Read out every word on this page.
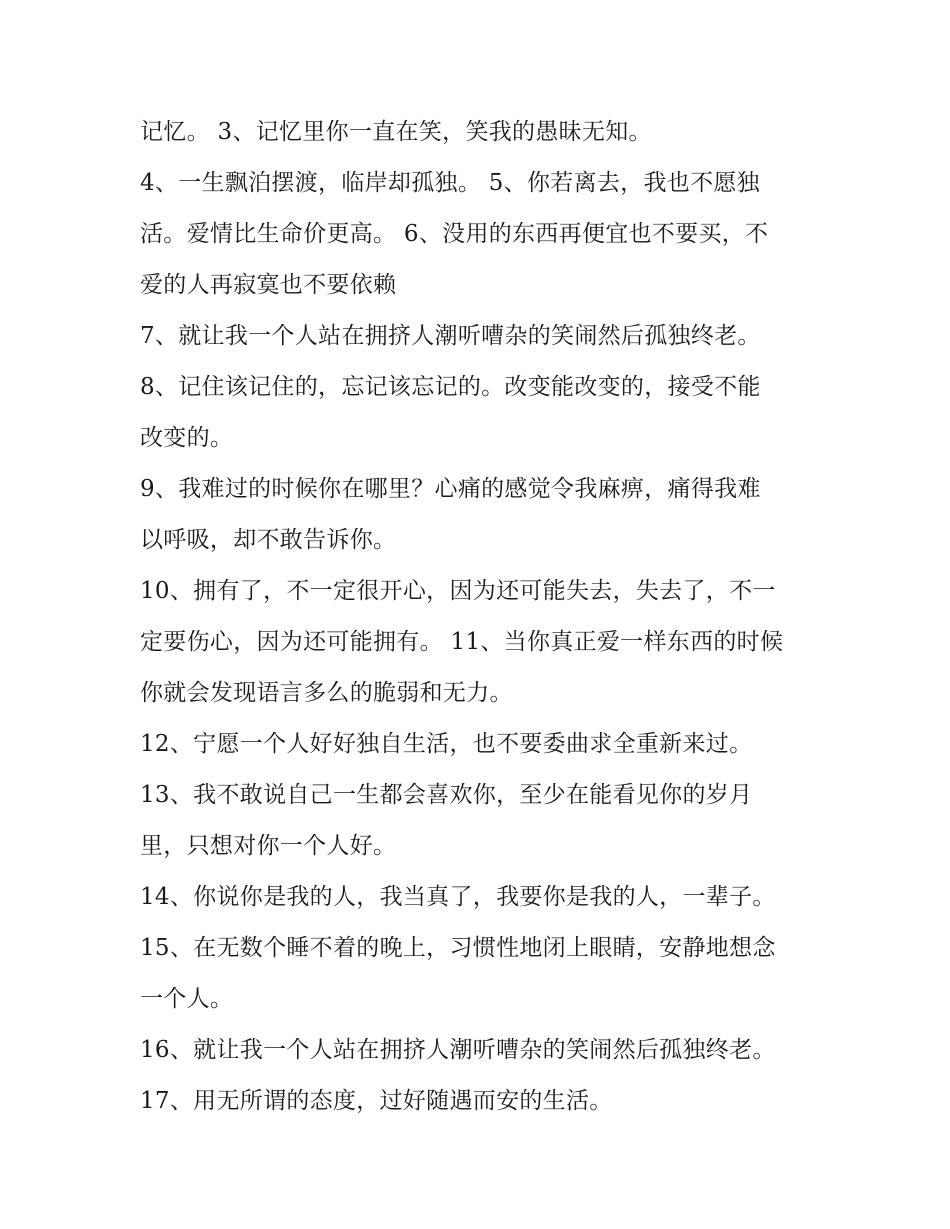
记忆。 3、记忆里你一直在笑，笑我的愚昧无知。
4、一生飘泊摆渡，临岸却孤独。 5、你若离去，我也不愿独
活。爱情比生命价更高。 6、没用的东西再便宜也不要买，不
爱的人再寂寞也不要依赖
7、就让我一个人站在拥挤人潮听嘈杂的笑闹然后孤独终老。
8、记住该记住的，忘记该忘记的。改变能改变的，接受不能
改变的。
9、我难过的时候你在哪里？心痛的感觉令我麻痹，痛得我难
以呼吸，却不敢告诉你。
10、拥有了，不一定很开心，因为还可能失去，失去了，不一
定要伤心，因为还可能拥有。 11、当你真正爱一样东西的时候
你就会发现语言多么的脆弱和无力。
12、宁愿一个人好好独自生活，也不要委曲求全重新来过。
13、我不敢说自己一生都会喜欢你，至少在能看见你的岁月
里，只想对你一个人好。
14、你说你是我的人，我当真了，我要你是我的人，一辈子。
15、在无数个睡不着的晚上，习惯性地闭上眼睛，安静地想念
一个人。
16、就让我一个人站在拥挤人潮听嘈杂的笑闹然后孤独终老。
17、用无所谓的态度，过好随遇而安的生活。
